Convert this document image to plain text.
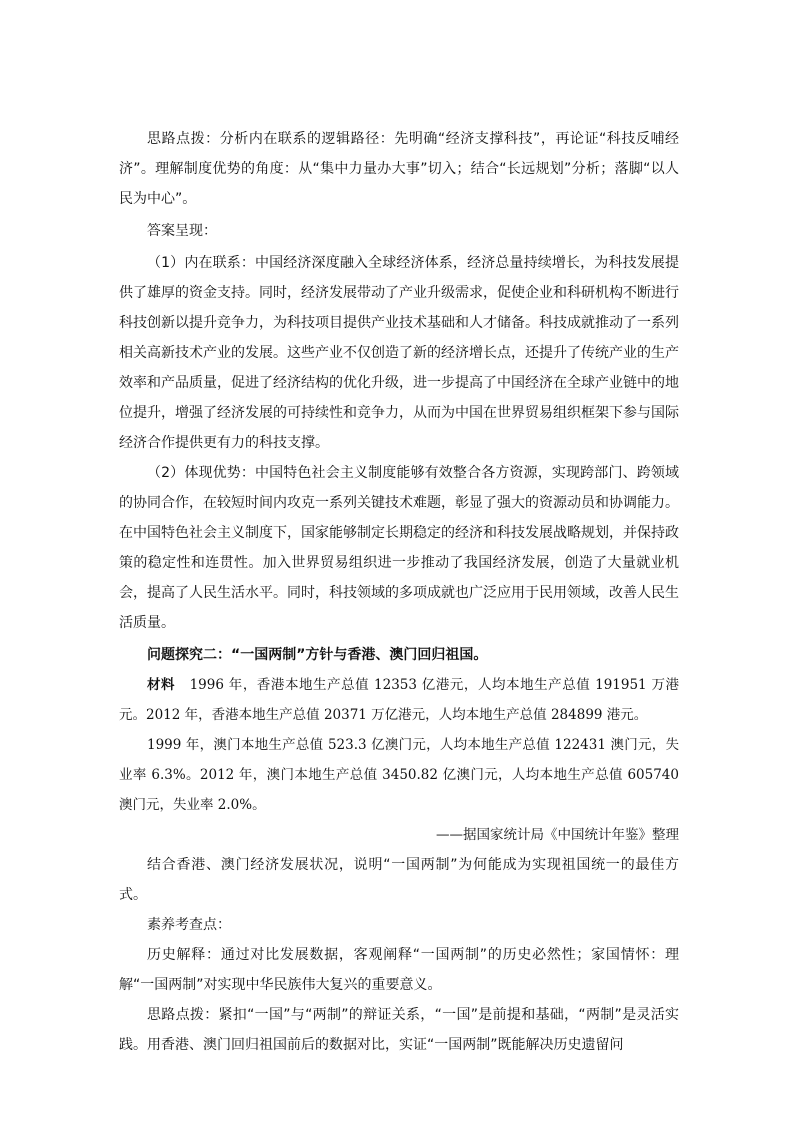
思路点拨：分析内在联系的逻辑路径：先明确“经济支撑科技”，再论证“科技反哺经济”。理解制度优势的角度：从“集中力量办大事”切入；结合“长远规划”分析；落脚“以人民为中心”。

答案呈现：

（1）内在联系：中国经济深度融入全球经济体系，经济总量持续增长，为科技发展提供了雄厚的资金支持。同时，经济发展带动了产业升级需求，促使企业和科研机构不断进行科技创新以提升竞争力，为科技项目提供产业技术基础和人才储备。科技成就推动了一系列相关高新技术产业的发展。这些产业不仅创造了新的经济增长点，还提升了传统产业的生产效率和产品质量，促进了经济结构的优化升级，进一步提高了中国经济在全球产业链中的地位提升，增强了经济发展的可持续性和竞争力，从而为中国在世界贸易组织框架下参与国际经济合作提供更有力的科技支撑。

（2）体现优势：中国特色社会主义制度能够有效整合各方资源，实现跨部门、跨领域的协同合作，在较短时间内攻克一系列关键技术难题，彰显了强大的资源动员和协调能力。在中国特色社会主义制度下，国家能够制定长期稳定的经济和科技发展战略规划，并保持政策的稳定性和连贯性。加入世界贸易组织进一步推动了我国经济发展，创造了大量就业机会，提高了人民生活水平。同时，科技领域的多项成就也广泛应用于民用领域，改善人民生活质量。

问题探究二：“一国两制”方针与香港、澳门回归祖国。

材料 1996 年，香港本地生产总值 12353 亿港元，人均本地生产总值 191951 万港元。2012 年，香港本地生产总值 20371 万亿港元，人均本地生产总值 284899 港元。

1999 年，澳门本地生产总值 523.3 亿澳门元，人均本地生产总值 122431 澳门元，失业率 6.3%。2012 年，澳门本地生产总值 3450.82 亿澳门元，人均本地生产总值 605740 澳门元，失业率 2.0%。

——据国家统计局《中国统计年鉴》整理

结合香港、澳门经济发展状况，说明“一国两制”为何能成为实现祖国统一的最佳方式。

素养考查点：

历史解释：通过对比发展数据，客观阐释“一国两制”的历史必然性；家国情怀：理解“一国两制”对实现中华民族伟大复兴的重要意义。

思路点拨：紧扣“一国”与“两制”的辩证关系，“一国”是前提和基础，“两制”是灵活实践。用香港、澳门回归祖国前后的数据对比，实证“一国两制”既能解决历史遗留问
